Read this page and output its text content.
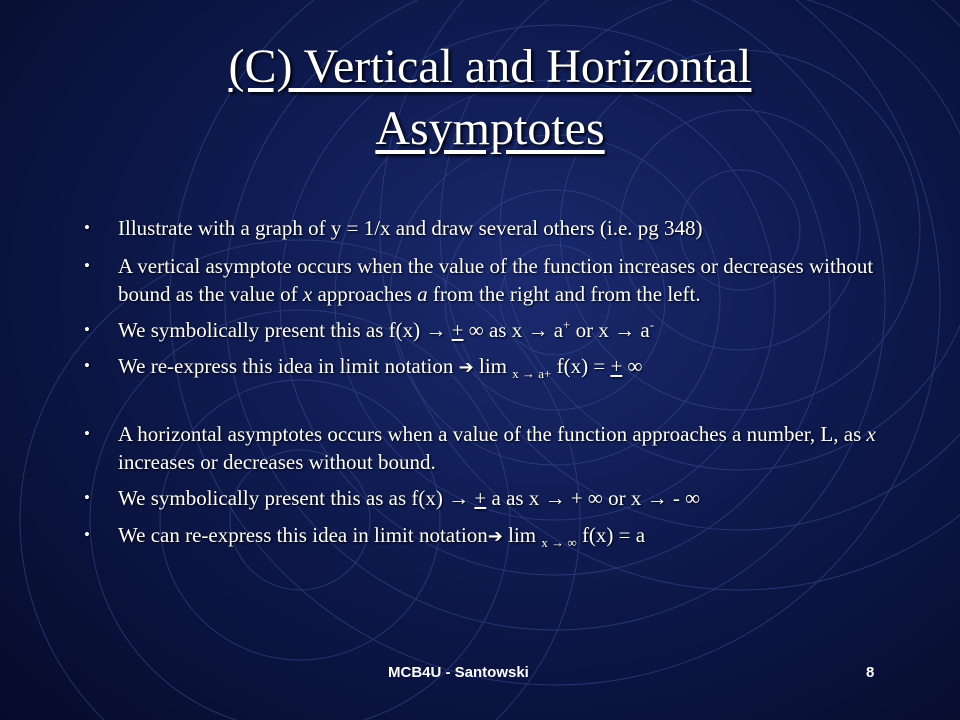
(C) Vertical and Horizontal
Asymptotes
• Illustrate with a graph of y = 1/x and draw several others (i.e. pg 348)
• A vertical asymptote occurs when the value of the function increases or decreases without bound as the value of x approaches a from the right and from the left.
• We symbolically present this as f(x) → + ∞ as x → a+ or x → a-
• We re-express this idea in limit notation ➔ lim $_{x \to a+}$ f(x) = + ∞
• A horizontal asymptotes occurs when a value of the function approaches a number, L, as x increases or decreases without bound.
• We symbolically present this as as f(x) → + a as x → + ∞ or x → - ∞
• We can re-express this idea in limit notation➔ lim $_{x \to \infty}$ f(x) = a
MCB4U - Santowski	8
